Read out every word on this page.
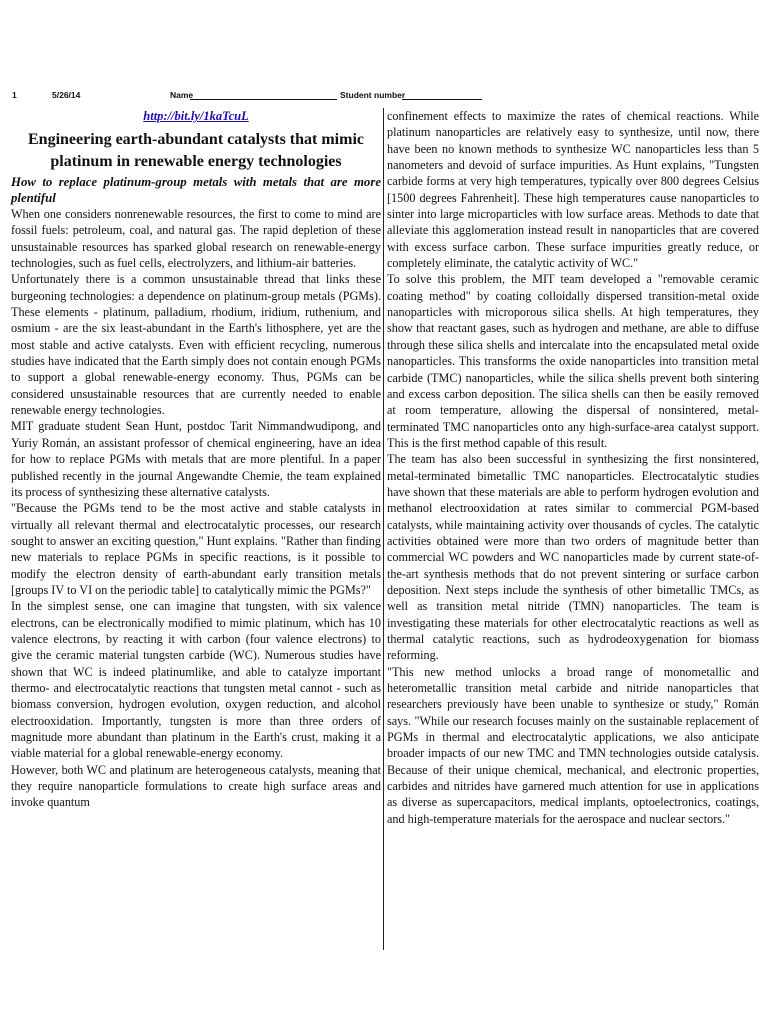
1	5/26/14	Name	Student number
http://bit.ly/1kaTcuL
Engineering earth-abundant catalysts that mimic platinum in renewable energy technologies

How to replace platinum-group metals with metals that are more plentiful

When one considers nonrenewable resources, the first to come to mind are fossil fuels: petroleum, coal, and natural gas. The rapid depletion of these unsustainable resources has sparked global research on renewable-energy technologies, such as fuel cells, electrolyzers, and lithium-air batteries.

Unfortunately there is a common unsustainable thread that links these burgeoning technologies: a dependence on platinum-group metals (PGMs). These elements - platinum, palladium, rhodium, iridium, ruthenium, and osmium - are the six least-abundant in the Earth's lithosphere, yet are the most stable and active catalysts. Even with efficient recycling, numerous studies have indicated that the Earth simply does not contain enough PGMs to support a global renewable-energy economy. Thus, PGMs can be considered unsustainable resources that are currently needed to enable renewable energy technologies.

MIT graduate student Sean Hunt, postdoc Tarit Nimmandwudipong, and Yuriy Román, an assistant professor of chemical engineering, have an idea for how to replace PGMs with metals that are more plentiful. In a paper published recently in the journal Angewandte Chemie, the team explained its process of synthesizing these alternative catalysts.

"Because the PGMs tend to be the most active and stable catalysts in virtually all relevant thermal and electrocatalytic processes, our research sought to answer an exciting question," Hunt explains. "Rather than finding new materials to replace PGMs in specific reactions, is it possible to modify the electron density of earth-abundant early transition metals [groups IV to VI on the periodic table] to catalytically mimic the PGMs?"

In the simplest sense, one can imagine that tungsten, with six valence electrons, can be electronically modified to mimic platinum, which has 10 valence electrons, by reacting it with carbon (four valence electrons) to give the ceramic material tungsten carbide (WC). Numerous studies have shown that WC is indeed platinumlike, and able to catalyze important thermo- and electrocatalytic reactions that tungsten metal cannot - such as biomass conversion, hydrogen evolution, oxygen reduction, and alcohol electrooxidation. Importantly, tungsten is more than three orders of magnitude more abundant than platinum in the Earth's crust, making it a viable material for a global renewable-energy economy.

However, both WC and platinum are heterogeneous catalysts, meaning that they require nanoparticle formulations to create high surface areas and invoke quantum

confinement effects to maximize the rates of chemical reactions. While platinum nanoparticles are relatively easy to synthesize, until now, there have been no known methods to synthesize WC nanoparticles less than 5 nanometers and devoid of surface impurities. As Hunt explains, "Tungsten carbide forms at very high temperatures, typically over 800 degrees Celsius [1500 degrees Fahrenheit]. These high temperatures cause nanoparticles to sinter into large microparticles with low surface areas. Methods to date that alleviate this agglomeration instead result in nanoparticles that are covered with excess surface carbon. These surface impurities greatly reduce, or completely eliminate, the catalytic activity of WC."

To solve this problem, the MIT team developed a "removable ceramic coating method" by coating colloidally dispersed transition-metal oxide nanoparticles with microporous silica shells. At high temperatures, they show that reactant gases, such as hydrogen and methane, are able to diffuse through these silica shells and intercalate into the encapsulated metal oxide nanoparticles. This transforms the oxide nanoparticles into transition metal carbide (TMC) nanoparticles, while the silica shells prevent both sintering and excess carbon deposition. The silica shells can then be easily removed at room temperature, allowing the dispersal of nonsintered, metal-terminated TMC nanoparticles onto any high-surface-area catalyst support. This is the first method capable of this result.

The team has also been successful in synthesizing the first nonsintered, metal-terminated bimetallic TMC nanoparticles. Electrocatalytic studies have shown that these materials are able to perform hydrogen evolution and methanol electrooxidation at rates similar to commercial PGM-based catalysts, while maintaining activity over thousands of cycles. The catalytic activities obtained were more than two orders of magnitude better than commercial WC powders and WC nanoparticles made by current state-of-the-art synthesis methods that do not prevent sintering or surface carbon deposition. Next steps include the synthesis of other bimetallic TMCs, as well as transition metal nitride (TMN) nanoparticles. The team is investigating these materials for other electrocatalytic reactions as well as thermal catalytic reactions, such as hydrodeoxygenation for biomass reforming.

"This new method unlocks a broad range of monometallic and heterometallic transition metal carbide and nitride nanoparticles that researchers previously have been unable to synthesize or study," Román says. "While our research focuses mainly on the sustainable replacement of PGMs in thermal and electrocatalytic applications, we also anticipate broader impacts of our new TMC and TMN technologies outside catalysis. Because of their unique chemical, mechanical, and electronic properties, carbides and nitrides have garnered much attention for use in applications as diverse as supercapacitors, medical implants, optoelectronics, coatings, and high-temperature materials for the aerospace and nuclear sectors."
